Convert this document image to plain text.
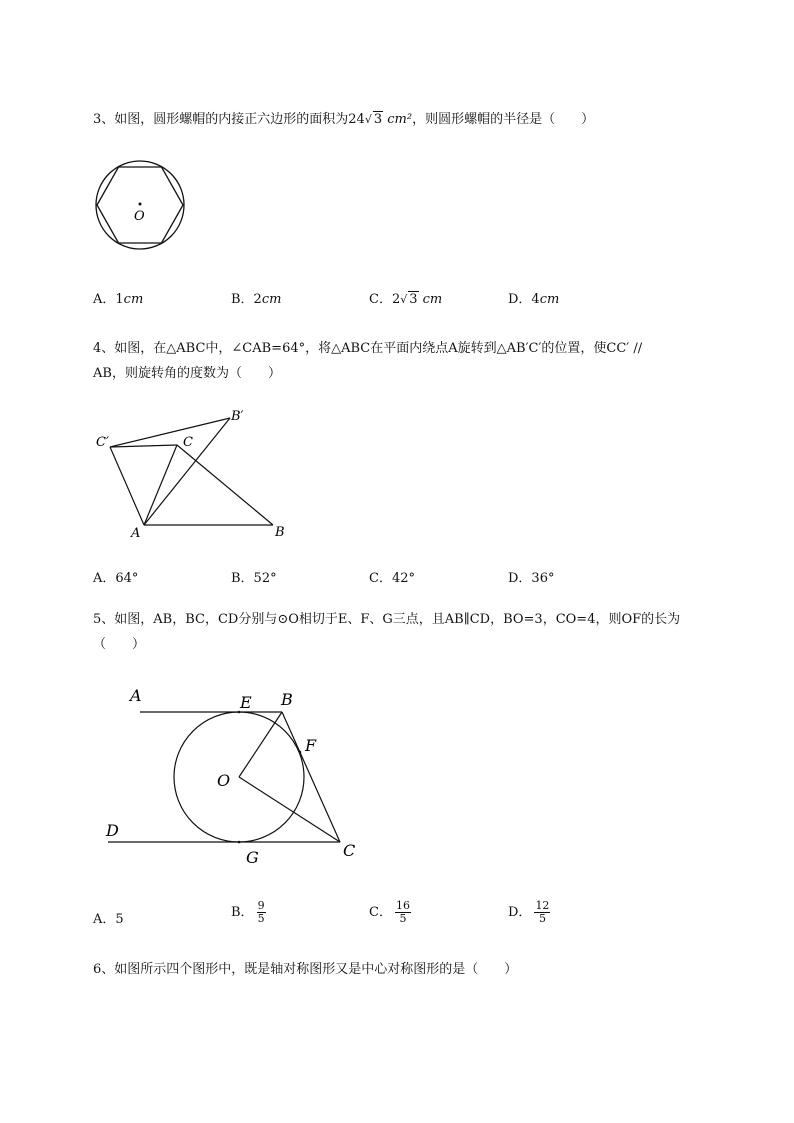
3、如图，圆形螺帽的内接正六边形的面积为24√ 3 cm²，则圆形螺帽的半径是（　　）
O
A．1cm	B．2cm	C．2√ 3 cm	D．4cm
4、如图，在△ABC中，∠CAB=64°，将△ABC在平面内绕点A旋转到△AB′C′的位置，使CC′ //
AB，则旋转角的度数为（　　）
A	B
C
B′
C′
A．64°	B．52°	C．42°	D．36°
5、如图，AB，BC，CD分别与⊙O相切于E、F、G三点，且AB∥CD，BO=3，CO=4，则OF的长为
（　　）
A	E B
F
O
D
G	C
A．5	B． $\frac{9}{5}$	C． $\frac{16}{5}$	D． $\frac{12}{5}$
6、如图所示四个图形中，既是轴对称图形又是中心对称图形的是（　　）
